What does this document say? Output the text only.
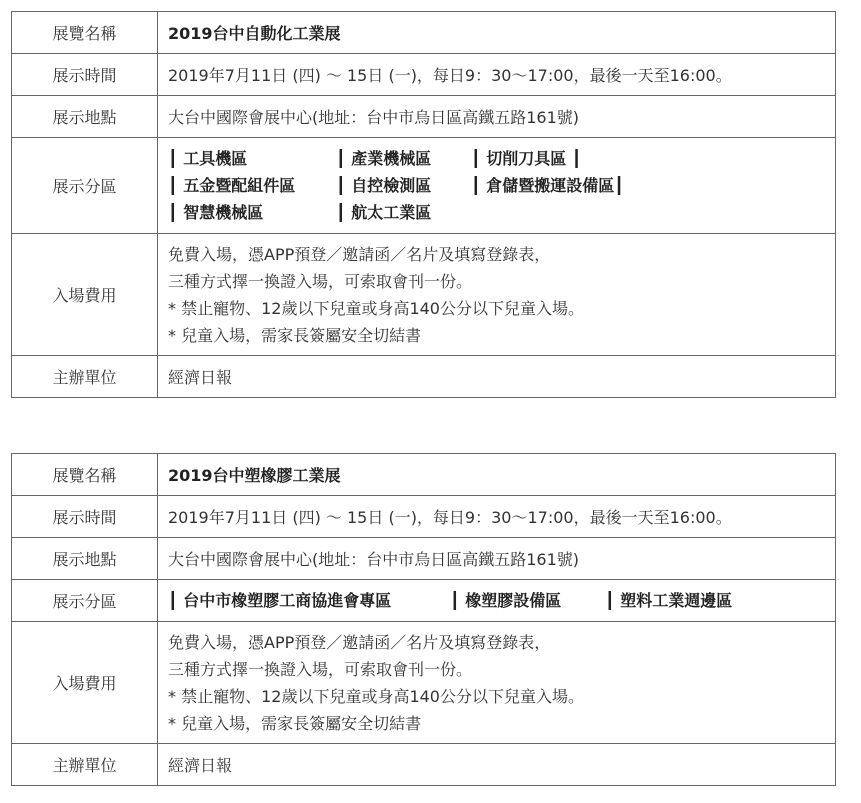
展覽名稱	2019台中自動化工業展
展示時間	2019年7月11日 (四) ～ 15日 (一)，每日9：30～17:00，最後一天至16:00。
展示地點	大台中國際會展中心(地址：台中市烏日區高鐵五路161號)
展示分區	┃ 工具機區 ┃ 產業機械區 ┃ 切削刀具區 ┃
┃ 五金暨配組件區 ┃ 自控檢測區 ┃ 倉儲暨搬運設備區┃
┃ 智慧機械區 ┃ 航太工業區

入場費用	免費入場，憑APP預登／邀請函／名片及填寫登錄表，
三種方式擇一換證入場，可索取會刊一份。
* 禁止寵物、12歲以下兒童或身高140公分以下兒童入場。
* 兒童入場，需家長簽屬安全切結書

主辦單位	經濟日報
展覽名稱	2019台中塑橡膠工業展
展示時間	2019年7月11日 (四) ～ 15日 (一)，每日9：30～17:00，最後一天至16:00。
展示地點	大台中國際會展中心(地址：台中市烏日區高鐵五路161號)
展示分區	┃ 台中市橡塑膠工商協進會專區 ┃ 橡塑膠設備區 ┃ 塑料工業週邊區

入場費用	免費入場，憑APP預登／邀請函／名片及填寫登錄表，
三種方式擇一換證入場，可索取會刊一份。
* 禁止寵物、12歲以下兒童或身高140公分以下兒童入場。
* 兒童入場，需家長簽屬安全切結書

主辦單位	經濟日報
